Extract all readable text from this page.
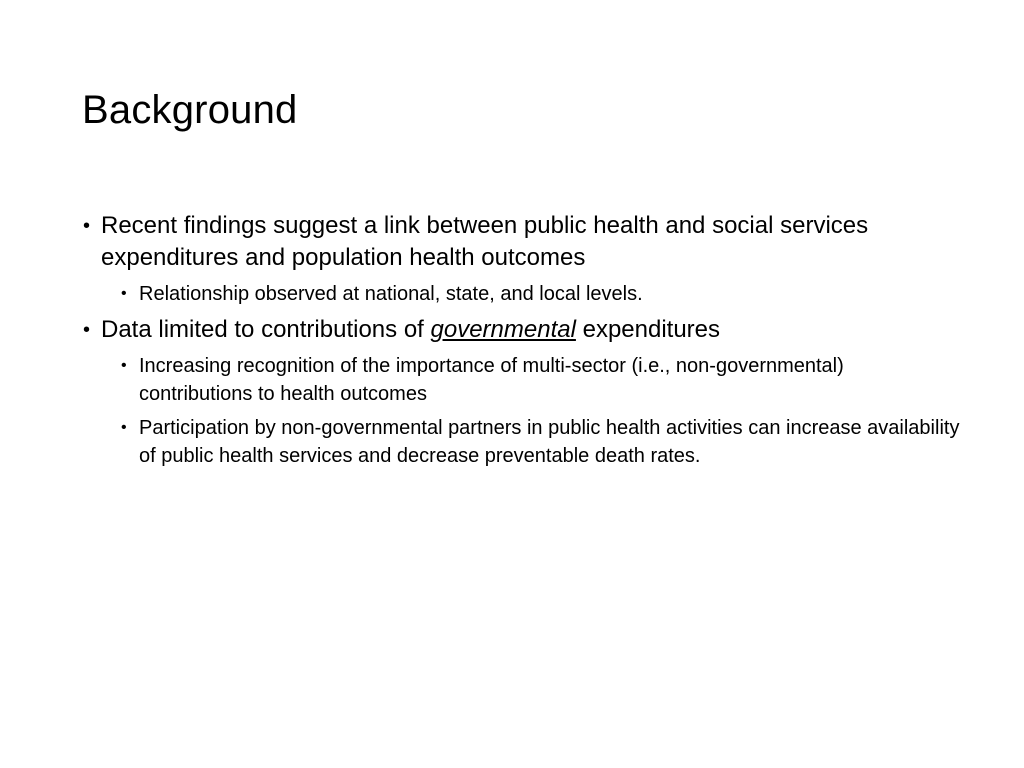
Background
• Recent findings suggest a link between public health and social services expenditures and population health outcomes
• Relationship observed at national, state, and local levels.
• Data limited to contributions of governmental expenditures
• Increasing recognition of the importance of multi-sector (i.e., non-governmental) contributions to health outcomes
• Participation by non-governmental partners in public health activities can increase availability of public health services and decrease preventable death rates.
